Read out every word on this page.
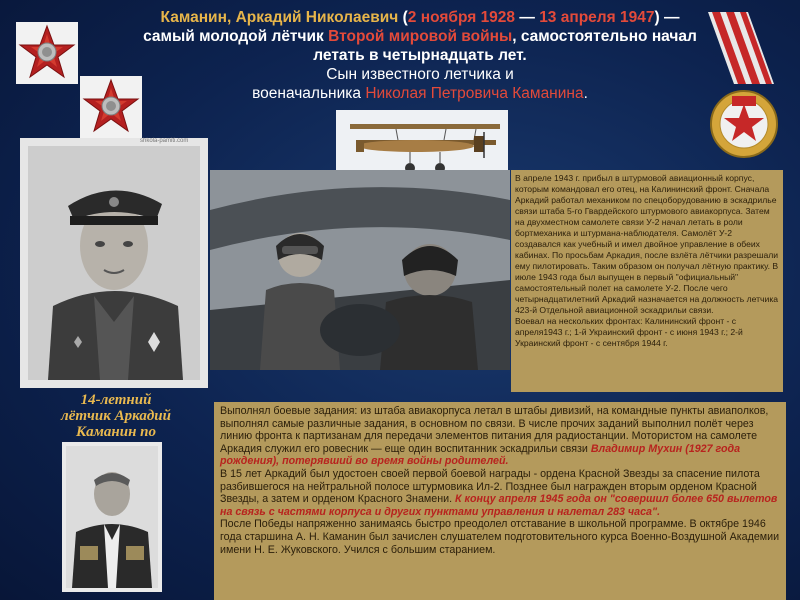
Каманин, Аркадий Николаевич (2 ноября 1928 — 13 апреля 1947) — самый молодой лётчик Второй мировой войны, самостоятельно начал летать в четырнадцать лет.
Сын известного летчика и
военачальника Николая Петровича Каманина.
shkola-pamiti.com
В апреле 1943 г. прибыл в штурмовой авиационный корпус, которым командовал его отец, на Калининский фронт. Сначала Аркадий работал механиком по спецоборудованию в эскадрилье связи штаба 5-го Гвардейского штурмового авиакорпуса. Затем на двухместном самолете связи У-2 начал летать в роли бортмеханика и штурмана-наблюдателя. Самолёт У-2 создавался как учебный и имел двойное управление в обеих кабинах. По просьбам Аркадия, после взлёта лётчики разрешали ему пилотировать. Таким образом он получал лётную практику. В июле 1943 года был выпущен в первый "официальный" самостоятельный полет на самолете У-2. После чего четырнадцатилетний Аркадий назначается на должность летчика 423-й Отдельной авиационной эскадрильи связи.
Воевал на нескольких фронтах: Калининский фронт - с апреля1943 г.; 1-й Украинский фронт - с июня 1943 г.; 2-й Украинский фронт - с сентября 1944 г.
14-летний
лётчик Аркадий
Каманин по

Выполнял боевые задания: из штаба авиакорпуса летал в штабы дивизий, на командные пункты авиаполков, выполнял самые различные задания, в основном по связи. В числе прочих заданий выполнил полёт через линию фронта к партизанам для передачи элементов питания для радиостанции. Мотористом на самолете Аркадия служил его ровесник — еще один воспитанник эскадрильи связи Владимир Мухин (1927 года рождения), потерявший во время войны родителей.

В 15 лет Аркадий был удостоен своей первой боевой награды - ордена Красной Звезды за спасение пилота разбившегося на нейтральной полосе штурмовика Ил-2. Позднее был награжден вторым орденом Красной Звезды, а затем и орденом Красного Знамени. К концу апреля 1945 года он "совершил более 650 вылетов на связь с частями корпуса и других пунктами управления и налетал 283 часа".

После Победы напряженно занимаясь быстро преодолел отставание в школьной программе. В октябре 1946 года старшина А. Н. Каманин был зачислен слушателем подготовительного курса Военно-Воздушной Академии имени Н. Е. Жуковского. Учился с большим старанием.
